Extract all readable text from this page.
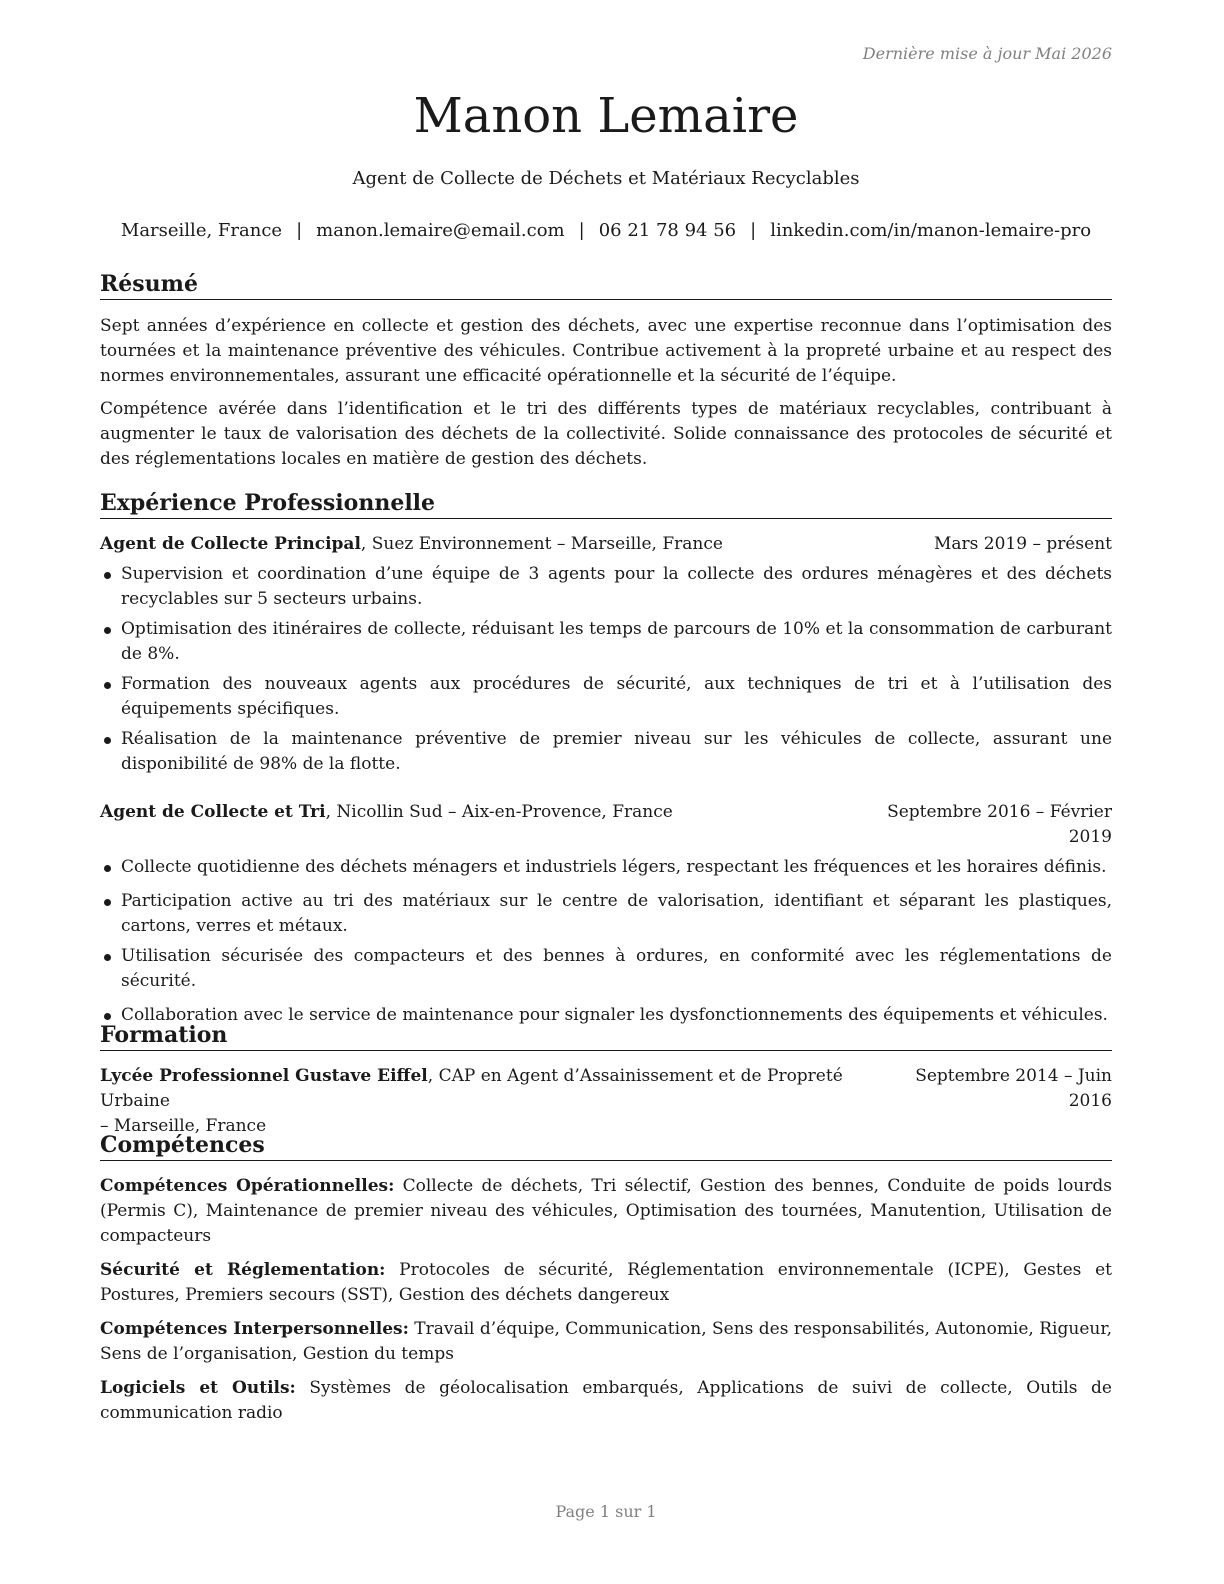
Dernière mise à jour Mai 2026
Manon Lemaire
Agent de Collecte de Déchets et Matériaux Recyclables
Marseille, France | manon.lemaire@email.com | 06 21 78 94 56 | linkedin.com/in/manon-lemaire-pro
Résumé

Sept années d’expérience en collecte et gestion des déchets, avec une expertise reconnue dans l’optimisation des tournées et la maintenance préventive des véhicules. Contribue activement à la propreté urbaine et au respect des normes environnementales, assurant une efficacité opérationnelle et la sécurité de l’équipe.

Compétence avérée dans l’identification et le tri des différents types de matériaux recyclables, contribuant à augmenter le taux de valorisation des déchets de la collectivité. Solide connaissance des protocoles de sécurité et des réglementations locales en matière de gestion des déchets.

Expérience Professionnelle
Agent de Collecte Principal, Suez Environnement – Marseille, France	Mars 2019 – présent
Supervision et coordination d’une équipe de 3 agents pour la collecte des ordures ménagères et des déchets recyclables sur 5 secteurs urbains.
Optimisation des itinéraires de collecte, réduisant les temps de parcours de 10% et la consommation de carburant de 8%.
Formation des nouveaux agents aux procédures de sécurité, aux techniques de tri et à l’utilisation des équipements spécifiques.
Réalisation de la maintenance préventive de premier niveau sur les véhicules de collecte, assurant une disponibilité de 98% de la flotte.
Agent de Collecte et Tri, Nicollin Sud – Aix-en-Provence, France	Septembre 2016 – Février
2019
Collecte quotidienne des déchets ménagers et industriels légers, respectant les fréquences et les horaires définis.
Participation active au tri des matériaux sur le centre de valorisation, identifiant et séparant les plastiques, cartons, verres et métaux.
Utilisation sécurisée des compacteurs et des bennes à ordures, en conformité avec les réglementations de sécurité.
Collaboration avec le service de maintenance pour signaler les dysfonctionnements des équipements et véhicules.
Formation
Lycée Professionnel Gustave Eiffel, CAP en Agent d’Assainissement et de Propreté Urbaine
– Marseille, France
Septembre 2014 – Juin
2016
Compétences

Compétences Opérationnelles: Collecte de déchets, Tri sélectif, Gestion des bennes, Conduite de poids lourds (Permis C), Maintenance de premier niveau des véhicules, Optimisation des tournées, Manutention, Utilisation de compacteurs

Sécurité et Réglementation: Protocoles de sécurité, Réglementation environnementale (ICPE), Gestes et Postures, Premiers secours (SST), Gestion des déchets dangereux

Compétences Interpersonnelles: Travail d’équipe, Communication, Sens des responsabilités, Autonomie, Rigueur, Sens de l’organisation, Gestion du temps

Logiciels et Outils: Systèmes de géolocalisation embarqués, Applications de suivi de collecte, Outils de communication radio

Page 1 sur 1
